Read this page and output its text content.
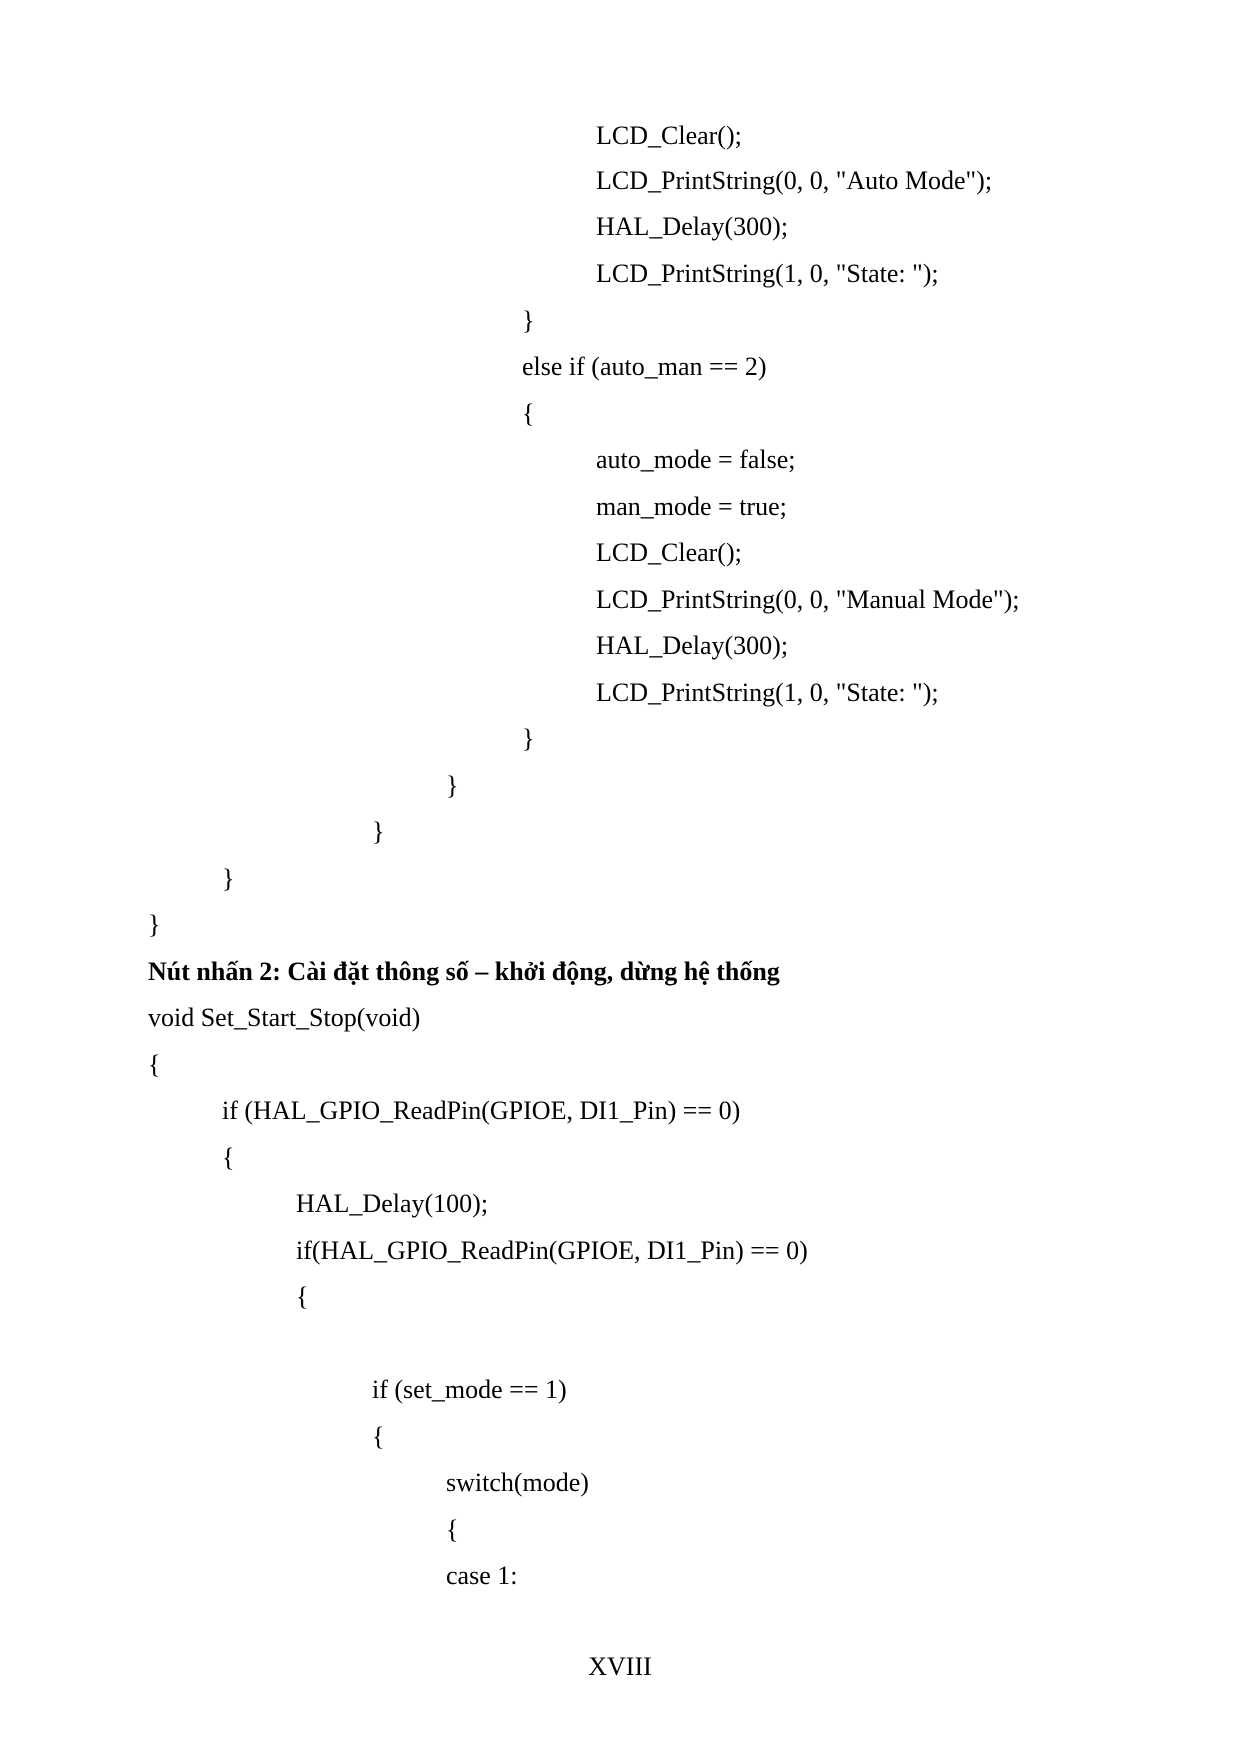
LCD_Clear();
LCD_PrintString(0, 0, "Auto Mode");
HAL_Delay(300);
LCD_PrintString(1, 0, "State: ");
}
else if (auto_man == 2)
{
auto_mode = false;
man_mode = true;
LCD_Clear();
LCD_PrintString(0, 0, "Manual Mode");
HAL_Delay(300);
LCD_PrintString(1, 0, "State: ");
}
}
}
}
}
Nút nhấn 2: Cài đặt thông số – khởi động, dừng hệ thống
void Set_Start_Stop(void)
{
if (HAL_GPIO_ReadPin(GPIOE, DI1_Pin) == 0)
{
HAL_Delay(100);
if(HAL_GPIO_ReadPin(GPIOE, DI1_Pin) == 0)
{
if (set_mode == 1)
{
switch(mode)
{
case 1:
XVIII
